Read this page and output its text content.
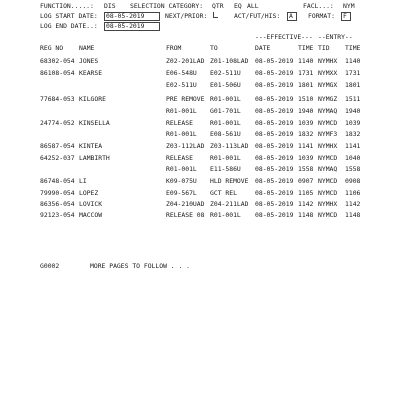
FUNCTION.....: DIS SELECTION CATEGORY: QTR EQ ALL	FACL...: NYM
LOG START DATE:	08-05-2019	NEXT/PRIOR:	ACT/FUT/HIS:	A	FORMAT:	F
LOG END DATE..:	08-05-2019
---EFFECTIVE--- --ENTRY--
REG NO NAME	FROM	TO	DATE	TIME TID TIME
68302-054 JONES	Z02-201LAD Z01-108LAD 08-05-2019 1140 NYMHX 1140
86108-054 KEARSE	E06-548U E02-511U 08-05-2019 1731 NYMXX 1731
E02-511U E01-506U 08-05-2019 1801 NYMGX 1801
77684-053 KILGORE	PRE REMOVE R01-001L 08-05-2019 1510 NYMGZ 1511
R01-001L G01-701L 08-05-2019 1940 NYMAQ 1940
24774-052 KINSELLA	RELEASE	R01-001L 08-05-2019 1039 NYMCD 1039
R01-001L E08-561U 08-05-2019 1832 NYMF3 1832
86587-054 KINTEA	Z03-112LAD Z03-113LAD 08-05-2019 1141 NYMHX 1141
64252-037 LAMBIRTH	RELEASE	R01-001L 08-05-2019 1039 NYMCD 1040
R01-001L E11-586U 08-05-2019 1558 NYMAQ 1558
86748-054 LI	K09-075U HLD REMOVE 08-05-2019 0907 NYMCD 0908
79990-054 LOPEZ	E09-567L GCT REL	08-05-2019 1105 NYMCD 1106
86356-054 LOVICK	Z04-210UAD Z04-211LAD 08-05-2019 1142 NYMHX 1142
92123-054 MACCOW	RELEASE 08 R01-001L 08-05-2019 1148 NYMCD 1148
G0002	MORE PAGES TO FOLLOW . . .
